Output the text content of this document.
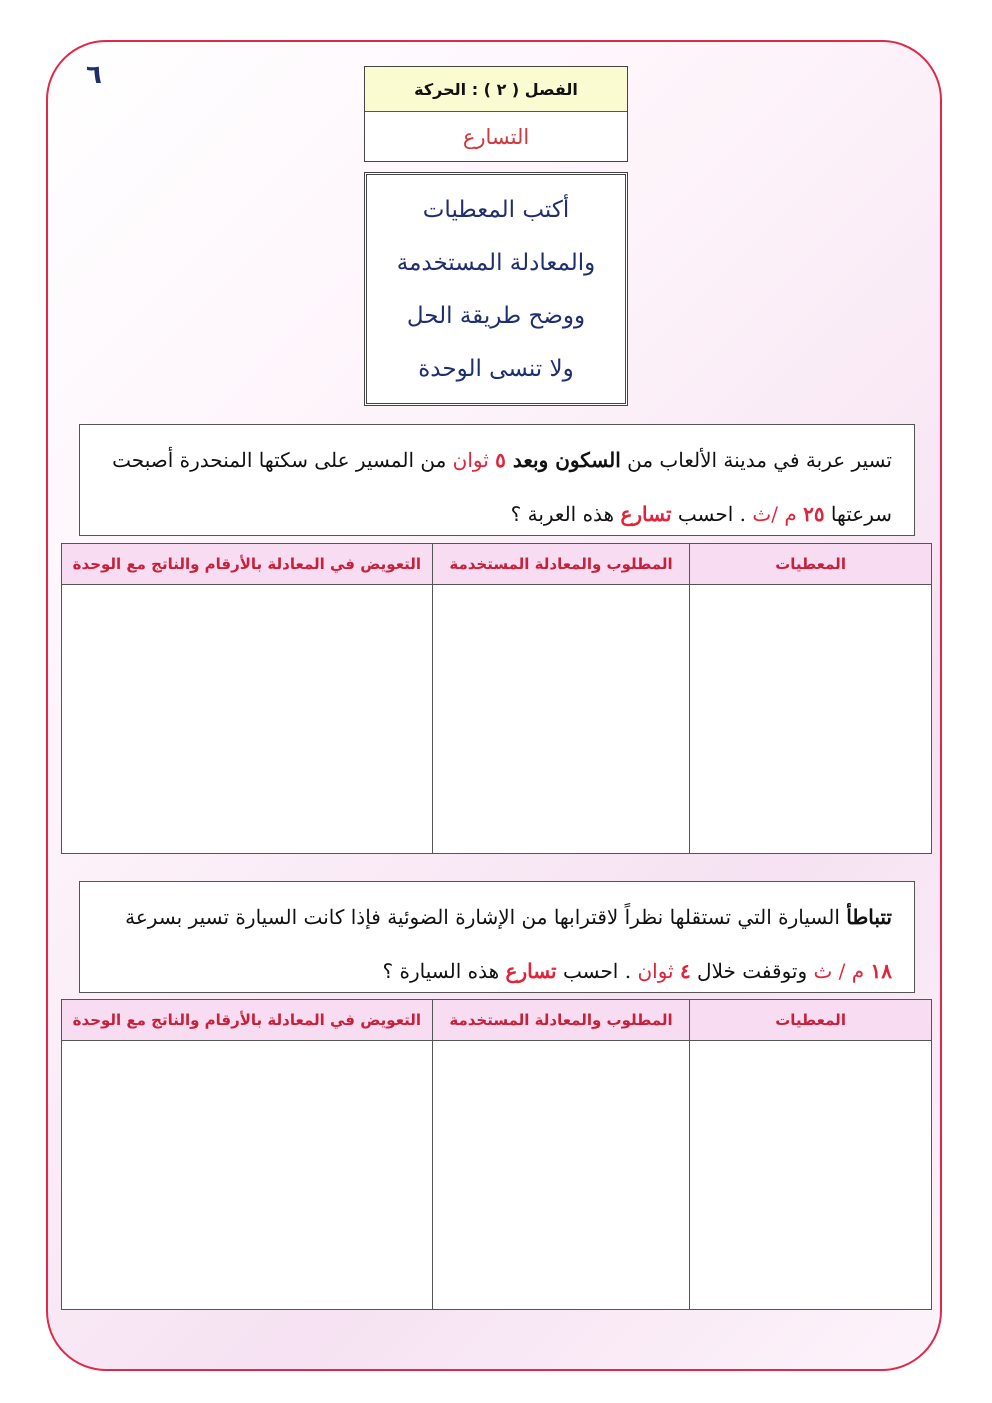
٦	الفصل ( ٢ ) : الحركة
التسارع
أكتب المعطيات
والمعادلة المستخدمة
ووضح طريقة الحل
ولا تنسى الوحدة
تسير عربة في مدينة الألعاب من السكون وبعد ٥ ثوان من المسير على سكتها المنحدرة أصبحت سرعتها ٢٥ م /ث . احسب تسارع هذه العربة ؟
المعطيات	المطلوب والمعادلة المستخدمة	التعويض في المعادلة بالأرقام والناتج مع الوحدة

تتباطأ السيارة التي تستقلها نظراً لاقترابها من الإشارة الضوئية فإذا كانت السيارة تسير بسرعة ١٨ م / ث وتوقفت خلال ٤ ثوان . احسب تسارع هذه السيارة ؟
المعطيات	المطلوب والمعادلة المستخدمة	التعويض في المعادلة بالأرقام والناتج مع الوحدة
